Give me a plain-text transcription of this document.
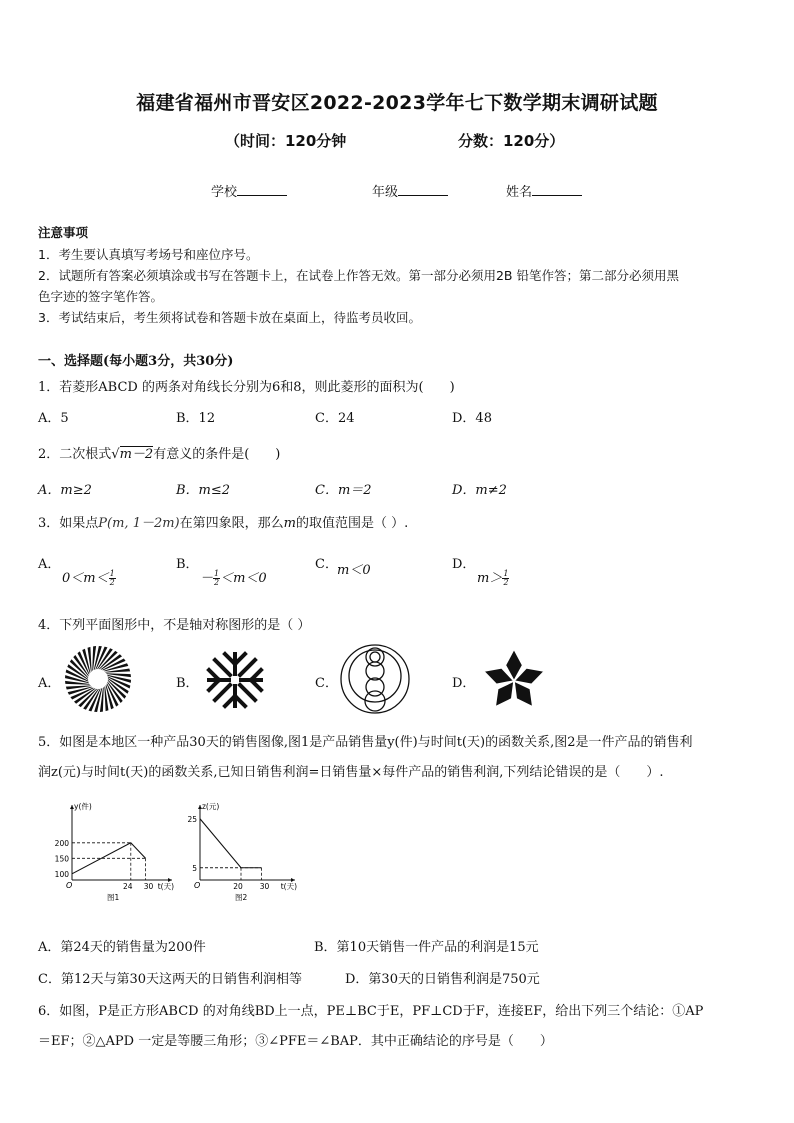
福建省福州市晋安区2022-2023学年七下数学期末调研试题
（时间：120分钟	分数：120分）
学校	年级	姓名
注意事项
1．考生要认真填写考场号和座位序号。
2．试题所有答案必须填涂或书写在答题卡上，在试卷上作答无效。第一部分必须用2B 铅笔作答；第二部分必须用黑
色字迹的签字笔作答。
3．考试结束后，考生须将试卷和答题卡放在桌面上，待监考员收回。
一、选择题(每小题3分，共30分)
1．若菱形ABCD 的两条对角线长分别为6和8，则此菱形的面积为(　　)
A．5	B．12	C．24	D．48
2．二次根式√m－2有意义的条件是(　　)
A．m≥2	B．m≤2	C．m＝2	D．m≠2
3．如果点P(m, 1－2m)在第四象限，那么m的取值范围是（ ）.
A．	B．	C．	D．
$0<m< \frac{1}{2}$	－ $\frac{1}{2} <m<0$
m＜0
$m> \frac{1}{2}$
4．下列平面图形中，不是轴对称图形的是（ ）
A．	B．	C．	D．
5．如图是本地区一种产品30天的销售图像,图1是产品销售量y(件)与时间t(天)的函数关系,图2是一件产品的销售利
润z(元)与时间t(天)的函数关系,已知日销售利润=日销售量×每件产品的销售利润,下列结论错误的是（　　）.
200
150
100
24 30
O
y(件)
t(天)
图1
25
5
20 30
O
z(元)
t(天)
图2
A．第24天的销售量为200件	B．第10天销售一件产品的利润是15元
C．第12天与第30天这两天的日销售利润相等	D．第30天的日销售利润是750元
6．如图，P是正方形ABCD 的对角线BD上一点，PE⊥BC于E，PF⊥CD于F，连接EF，给出下列三个结论：①AP
＝EF；②△APD 一定是等腰三角形；③∠PFE＝∠BAP．其中正确结论的序号是（　　）
